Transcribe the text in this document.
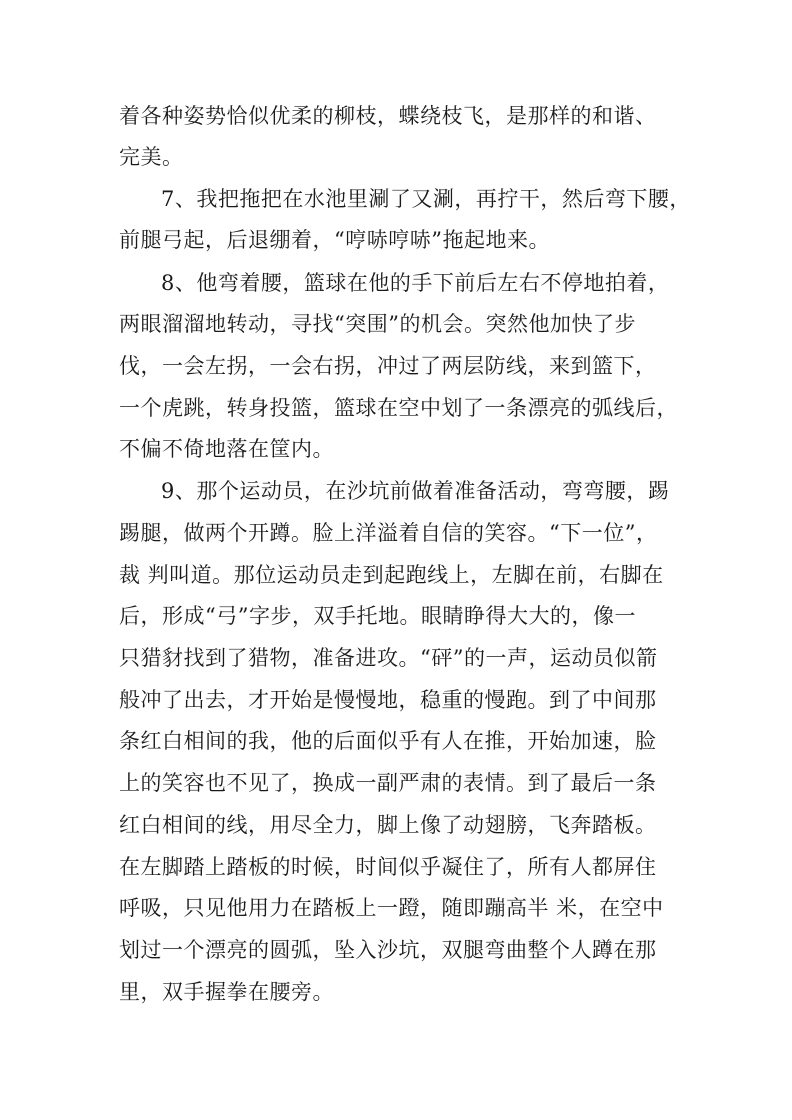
着各种姿势恰似优柔的柳枝，蝶绕枝飞，是那样的和谐、
完美。
7、我把拖把在水池里涮了又涮，再拧干，然后弯下腰，
前腿弓起，后退绷着，“哼哧哼哧”拖起地来。
8、他弯着腰，篮球在他的手下前后左右不停地拍着，
两眼溜溜地转动，寻找“突围”的机会。突然他加快了步
伐，一会左拐，一会右拐，冲过了两层防线，来到篮下，
一个虎跳，转身投篮，篮球在空中划了一条漂亮的弧线后，
不偏不倚地落在筐内。
9、那个运动员，在沙坑前做着准备活动，弯弯腰，踢
踢腿，做两个开蹲。脸上洋溢着自信的笑容。“下一位”，
裁 判叫道。那位运动员走到起跑线上，左脚在前，右脚在
后，形成“弓”字步，双手托地。眼睛睁得大大的，像一
只猎豺找到了猎物，准备进攻。“砰”的一声，运动员似箭
般冲了出去，才开始是慢慢地，稳重的慢跑。到了中间那
条红白相间的我，他的后面似乎有人在推，开始加速，脸
上的笑容也不见了，换成一副严肃的表情。到了最后一条
红白相间的线，用尽全力，脚上像了动翅膀，飞奔踏板。
在左脚踏上踏板的时候，时间似乎凝住了，所有人都屏住
呼吸，只见他用力在踏板上一蹬，随即蹦高半 米，在空中
划过一个漂亮的圆弧，坠入沙坑，双腿弯曲整个人蹲在那
里，双手握拳在腰旁。
